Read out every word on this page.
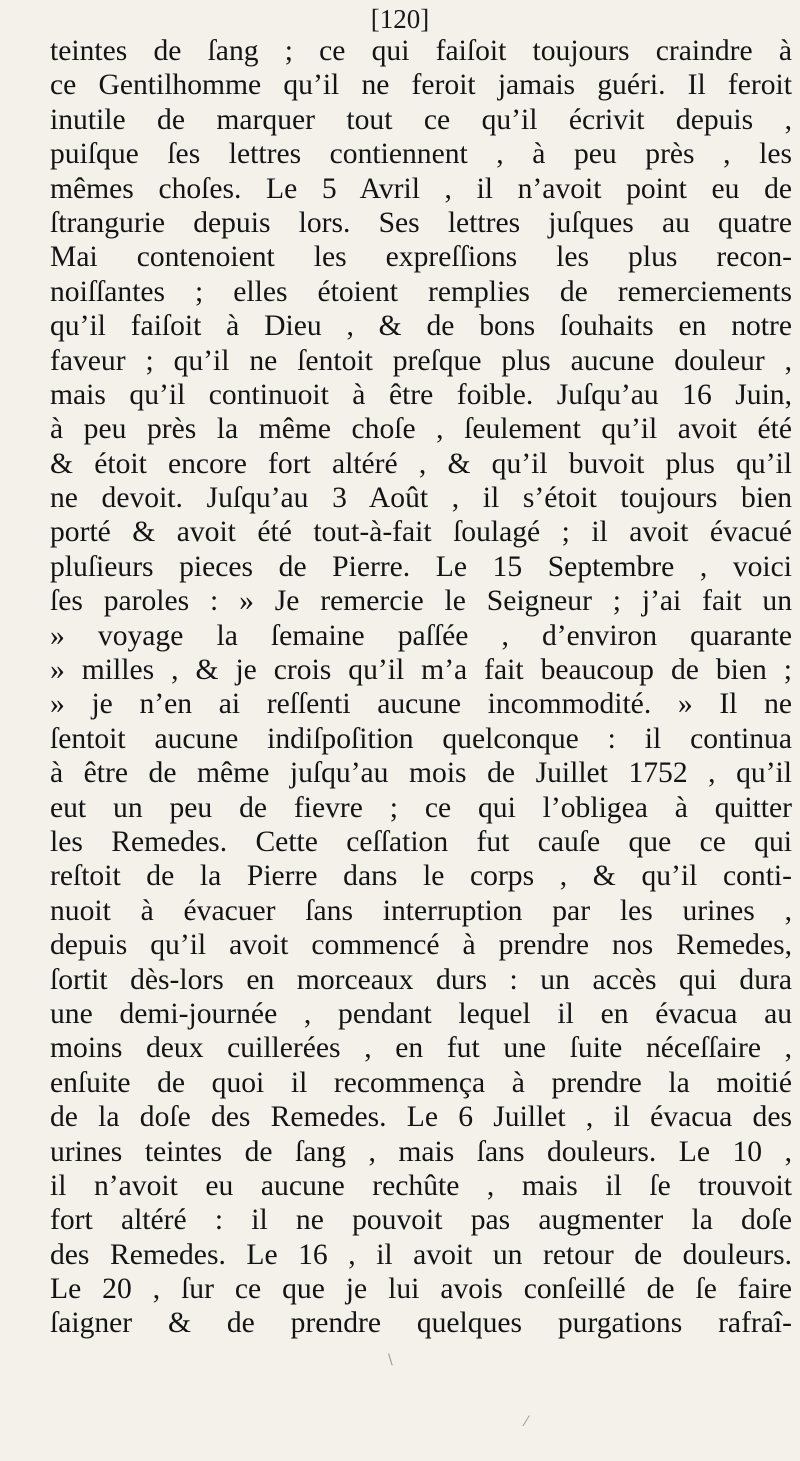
[120]
teintes de ſang ; ce qui faiſoit toujours craindre à
ce Gentilhomme qu’il ne feroit jamais guéri. Il feroit
inutile de marquer tout ce qu’il écrivit depuis ,
puiſque ſes lettres contiennent , à peu près , les
mêmes choſes. Le 5 Avril , il n’avoit point eu de
ſtrangurie depuis lors. Ses lettres juſques au quatre
Mai contenoient les expreſſions les plus recon-
noiſſantes ; elles étoient remplies de remerciements
qu’il faiſoit à Dieu , & de bons ſouhaits en notre
faveur ; qu’il ne ſentoit preſque plus aucune douleur ,
mais qu’il continuoit à être foible. Juſqu’au 16 Juin,
à peu près la même choſe , ſeulement qu’il avoit été
& étoit encore fort altéré , & qu’il buvoit plus qu’il
ne devoit. Juſqu’au 3 Août , il s’étoit toujours bien
porté & avoit été tout-à-fait ſoulagé ; il avoit évacué
pluſieurs pieces de Pierre. Le 15 Septembre , voici
ſes paroles : » Je remercie le Seigneur ; j’ai fait un
» voyage la ſemaine paſſée , d’environ quarante
» milles , & je crois qu’il m’a fait beaucoup de bien ;
» je n’en ai reſſenti aucune incommodité. » Il ne
ſentoit aucune indiſpoſition quelconque : il continua
à être de même juſqu’au mois de Juillet 1752 , qu’il
eut un peu de fievre ; ce qui l’obligea à quitter
les Remedes. Cette ceſſation fut cauſe que ce qui
reſtoit de la Pierre dans le corps , & qu’il conti-
nuoit à évacuer ſans interruption par les urines ,
depuis qu’il avoit commencé à prendre nos Remedes,
ſortit dès-lors en morceaux durs : un accès qui dura
une demi-journée , pendant lequel il en évacua au
moins deux cuillerées , en fut une ſuite néceſſaire ,
enſuite de quoi il recommença à prendre la moitié
de la doſe des Remedes. Le 6 Juillet , il évacua des
urines teintes de ſang , mais ſans douleurs. Le 10 ,
il n’avoit eu aucune rechûte , mais il ſe trouvoit
fort altéré : il ne pouvoit pas augmenter la doſe
des Remedes. Le 16 , il avoit un retour de douleurs.
Le 20 , ſur ce que je lui avois conſeillé de ſe faire
ſaigner & de prendre quelques purgations rafraî-
\
⁄
